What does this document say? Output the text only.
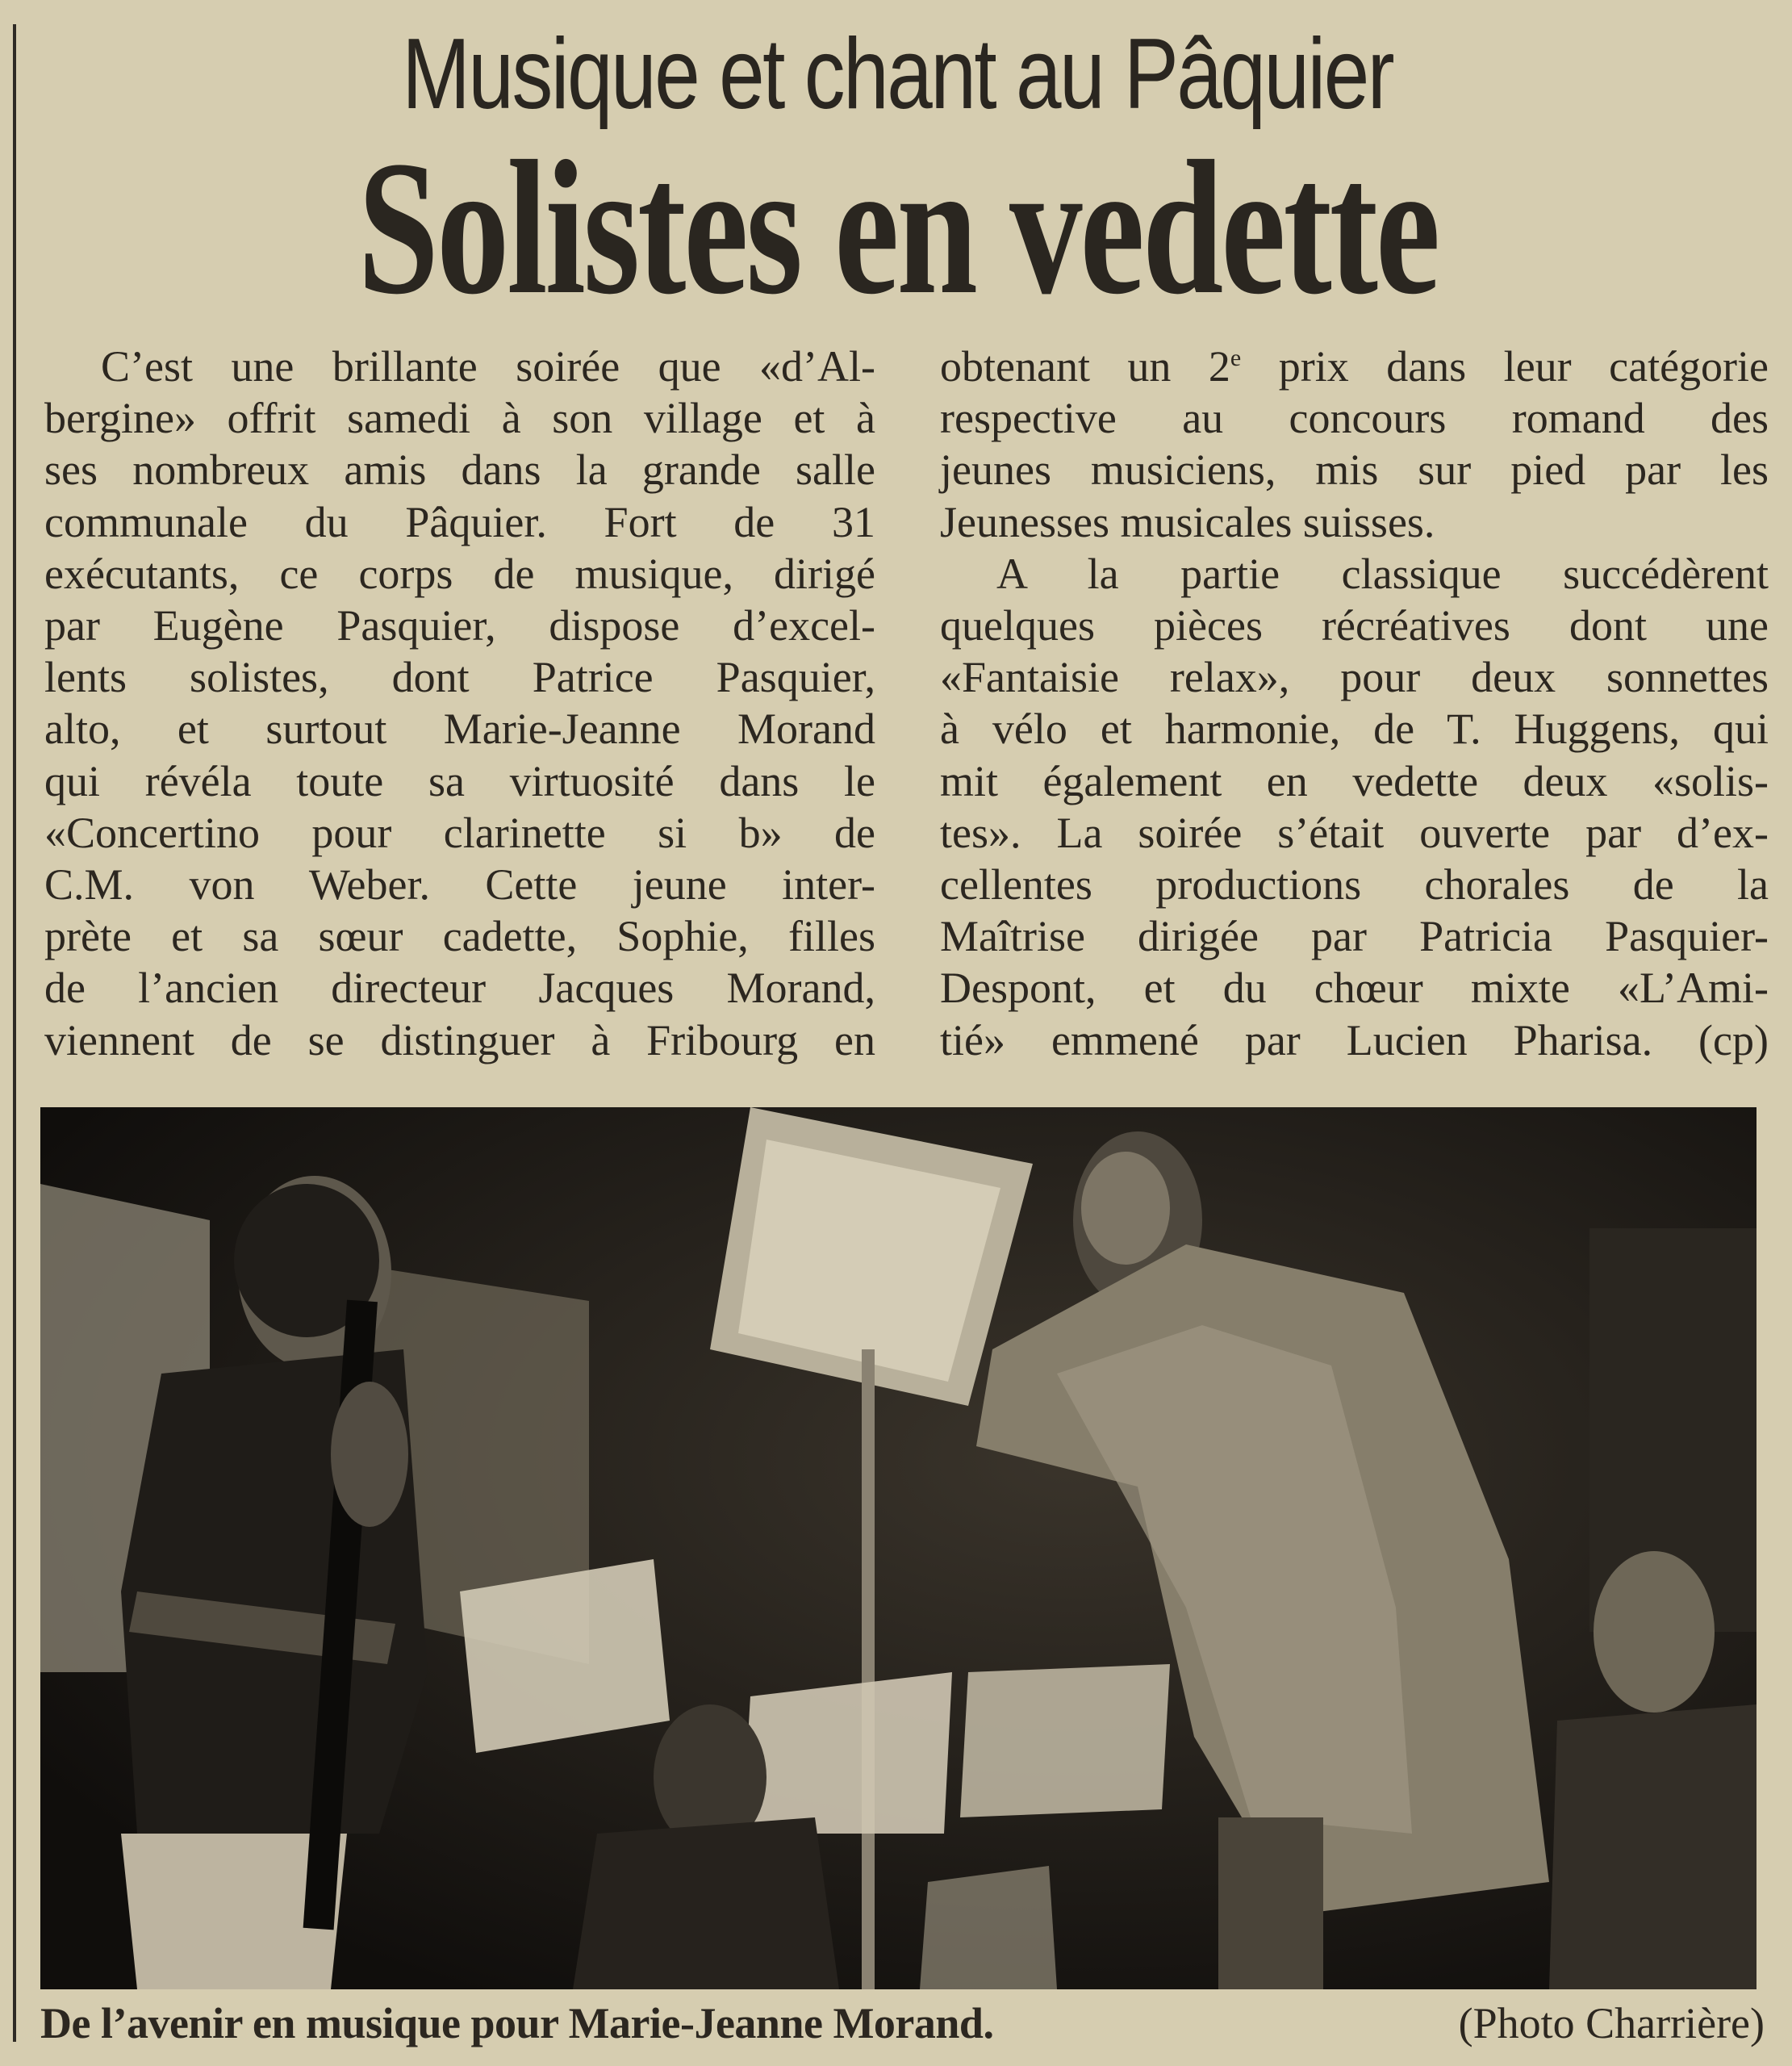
Musique et chant au Pâquier
Solistes en vedette
C’est une brillante soirée que «d’Al-
bergine» offrit samedi à son village et à
ses nombreux amis dans la grande salle
communale du Pâquier. Fort de 31
exécutants, ce corps de musique, dirigé
par Eugène Pasquier, dispose d’excel-
lents solistes, dont Patrice Pasquier,
alto, et surtout Marie-Jeanne Morand
qui révéla toute sa virtuosité dans le
«Concertino pour clarinette si b» de
C.M. von Weber. Cette jeune inter-
prète et sa sœur cadette, Sophie, filles
de l’ancien directeur Jacques Morand,
viennent de se distinguer à Fribourg en
obtenant un 2e prix dans leur catégorie
respective au concours romand des
jeunes musiciens, mis sur pied par les
Jeunesses musicales suisses.
A la partie classique succédèrent
quelques pièces récréatives dont une
«Fantaisie relax», pour deux sonnettes
à vélo et harmonie, de T. Huggens, qui
mit également en vedette deux «solis-
tes». La soirée s’était ouverte par d’ex-
cellentes productions chorales de la
Maîtrise dirigée par Patricia Pasquier-
Despont, et du chœur mixte «L’Ami-
tié» emmené par Lucien Pharisa. (cp)
De l’avenir en musique pour Marie-Jeanne Morand.	(Photo Charrière)
